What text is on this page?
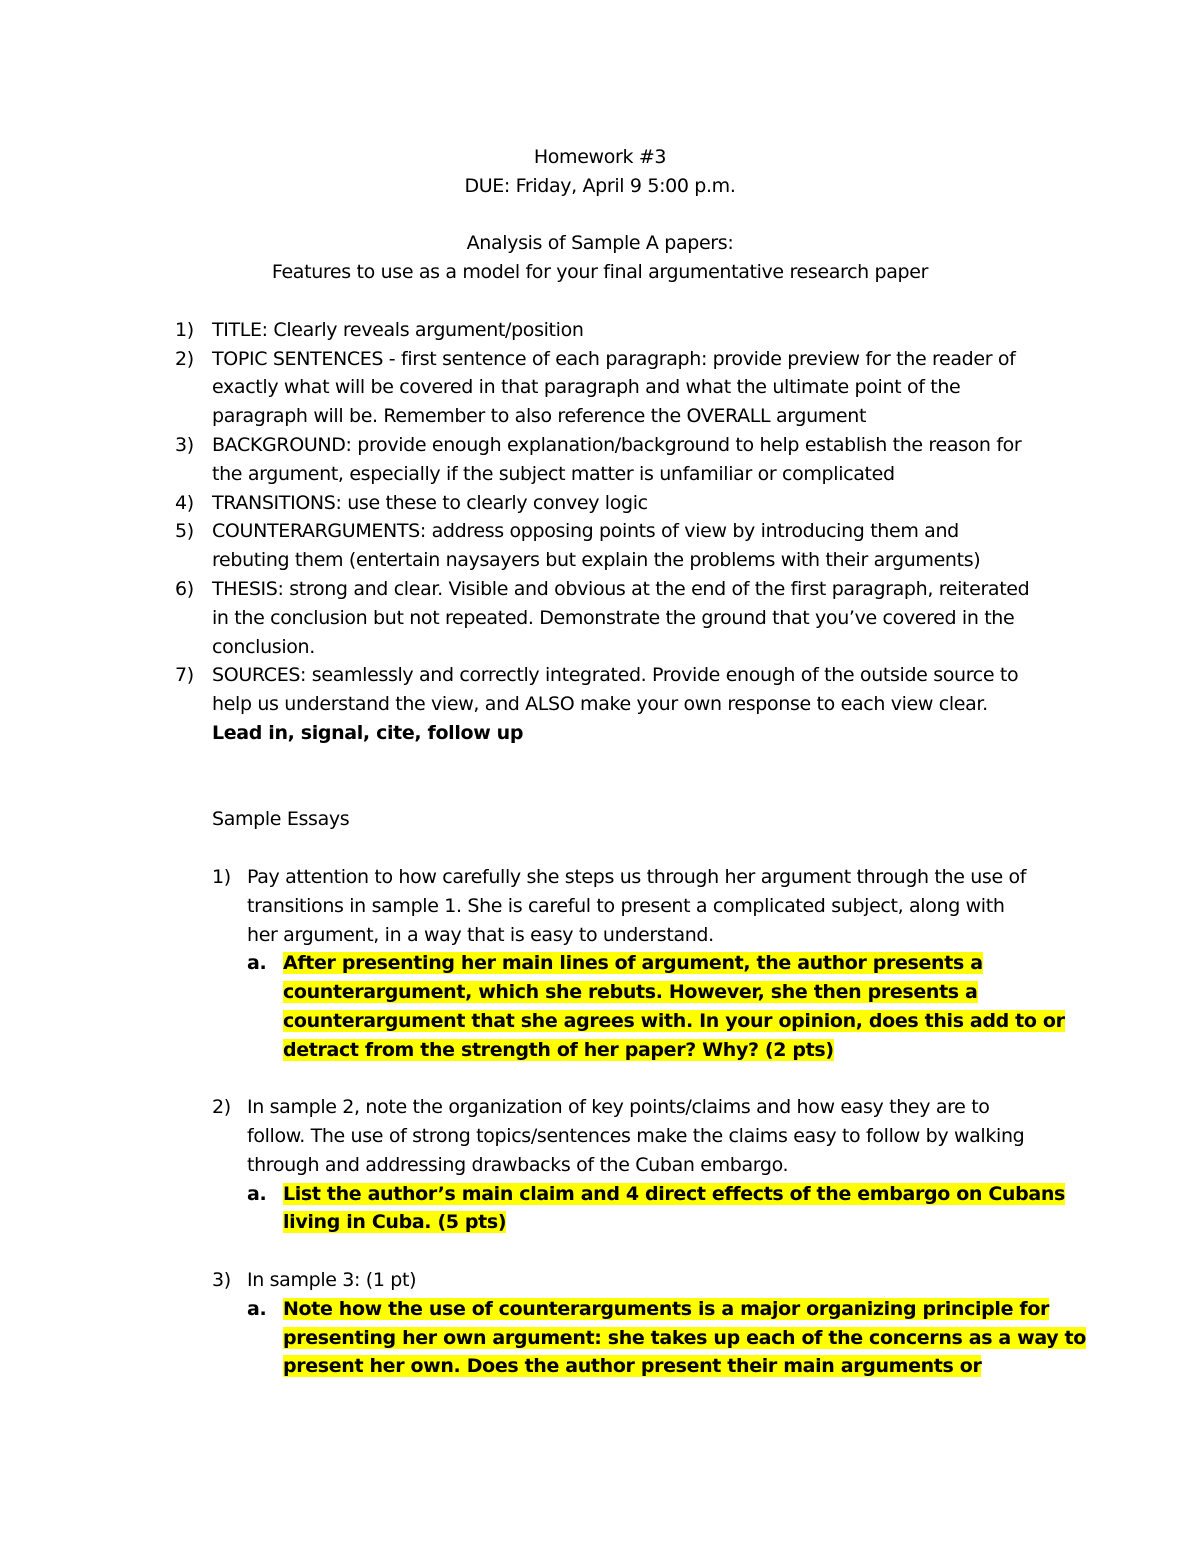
Homework #3
DUE: Friday, April 9 5:00 p.m.
Analysis of Sample A papers:
Features to use as a model for your final argumentative research paper
1) TITLE: Clearly reveals argument/position
2) TOPIC SENTENCES - first sentence of each paragraph: provide preview for the reader of
exactly what will be covered in that paragraph and what the ultimate point of the
paragraph will be. Remember to also reference the OVERALL argument
3) BACKGROUND: provide enough explanation/background to help establish the reason for
the argument, especially if the subject matter is unfamiliar or complicated
4) TRANSITIONS: use these to clearly convey logic
5) COUNTERARGUMENTS: address opposing points of view by introducing them and
rebuting them (entertain naysayers but explain the problems with their arguments)
6) THESIS: strong and clear. Visible and obvious at the end of the first paragraph, reiterated
in the conclusion but not repeated. Demonstrate the ground that you’ve covered in the
conclusion.
7) SOURCES: seamlessly and correctly integrated. Provide enough of the outside source to
help us understand the view, and ALSO make your own response to each view clear.
Lead in, signal, cite, follow up
Sample Essays
1) Pay attention to how carefully she steps us through her argument through the use of
transitions in sample 1. She is careful to present a complicated subject, along with
her argument, in a way that is easy to understand.
a. After presenting her main lines of argument, the author presents a
counterargument, which she rebuts. However, she then presents a
counterargument that she agrees with. In your opinion, does this add to or
detract from the strength of her paper? Why? (2 pts)
2) In sample 2, note the organization of key points/claims and how easy they are to
follow. The use of strong topics/sentences make the claims easy to follow by walking
through and addressing drawbacks of the Cuban embargo.
a. List the author’s main claim and 4 direct effects of the embargo on Cubans
living in Cuba. (5 pts)
3) In sample 3: (1 pt)
a. Note how the use of counterarguments is a major organizing principle for
presenting her own argument: she takes up each of the concerns as a way to
present her own. Does the author present their main arguments or
